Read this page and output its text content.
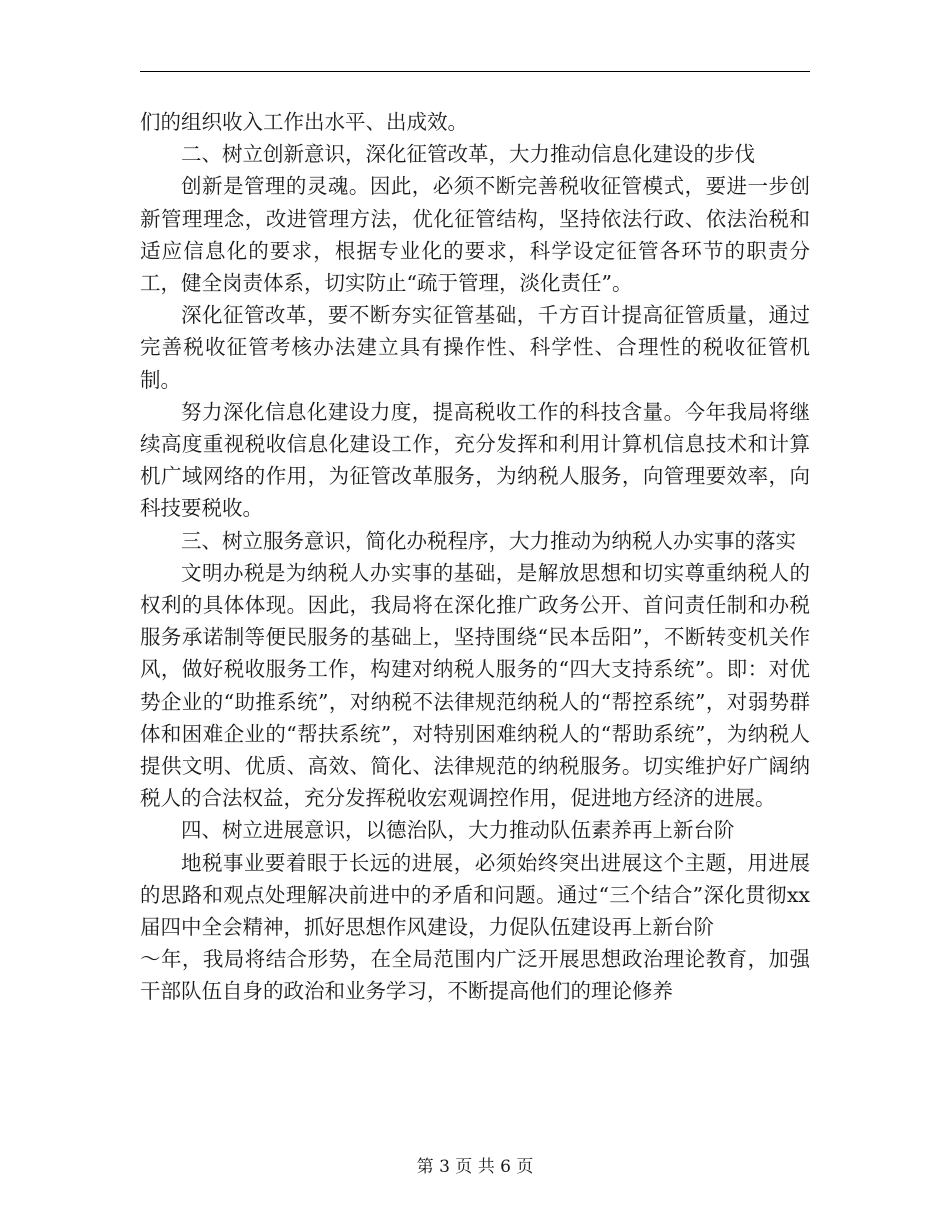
们的组织收入工作出水平、出成效。

二、树立创新意识，深化征管改革，大力推动信息化建设的步伐

创新是管理的灵魂。因此，必须不断完善税收征管模式，要进一步创新管理理念，改进管理方法，优化征管结构，坚持依法行政、依法治税和适应信息化的要求，根据专业化的要求，科学设定征管各环节的职责分工，健全岗责体系，切实防止“疏于管理，淡化责任”。

深化征管改革，要不断夯实征管基础，千方百计提高征管质量，通过完善税收征管考核办法建立具有操作性、科学性、合理性的税收征管机制。

努力深化信息化建设力度，提高税收工作的科技含量。今年我局将继续高度重视税收信息化建设工作，充分发挥和利用计算机信息技术和计算机广域网络的作用，为征管改革服务，为纳税人服务，向管理要效率，向科技要税收。

三、树立服务意识，简化办税程序，大力推动为纳税人办实事的落实

文明办税是为纳税人办实事的基础，是解放思想和切实尊重纳税人的权利的具体体现。因此，我局将在深化推广政务公开、首问责任制和办税服务承诺制等便民服务的基础上，坚持围绕“民本岳阳”，不断转变机关作风，做好税收服务工作，构建对纳税人服务的“四大支持系统”。即：对优势企业的“助推系统”，对纳税不法律规范纳税人的“帮控系统”，对弱势群体和困难企业的“帮扶系统”，对特别困难纳税人的“帮助系统”，为纳税人提供文明、优质、高效、简化、法律规范的纳税服务。切实维护好广阔纳税人的合法权益，充分发挥税收宏观调控作用，促进地方经济的进展。

四、树立进展意识，以德治队，大力推动队伍素养再上新台阶

地税事业要着眼于长远的进展，必须始终突出进展这个主题，用进展的思路和观点处理解决前进中的矛盾和问题。通过“三个结合”深化贯彻xx届四中全会精神，抓好思想作风建设，力促队伍建设再上新台阶

～年，我局将结合形势，在全局范围内广泛开展思想政治理论教育，加强干部队伍自身的政治和业务学习，不断提高他们的理论修养

第 3 页 共 6 页
